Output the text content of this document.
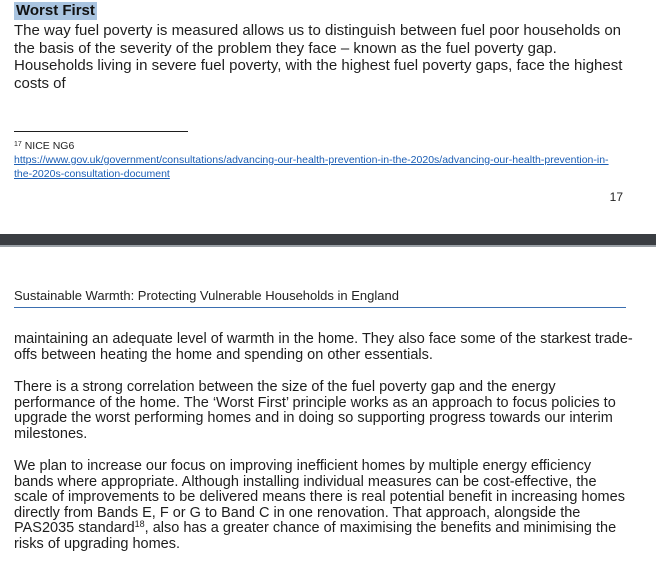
Worst First
The way fuel poverty is measured allows us to distinguish between fuel poor households on the basis of the severity of the problem they face – known as the fuel poverty gap. Households living in severe fuel poverty, with the highest fuel poverty gaps, face the highest costs of
$^{17}$ NICE NG6
https://www.gov.uk/government/consultations/advancing-our-health-prevention-in-the-2020s/advancing-our-health-prevention-in-the-2020s-consultation-document
17
Sustainable Warmth: Protecting Vulnerable Households in England

maintaining an adequate level of warmth in the home. They also face some of the starkest trade-offs between heating the home and spending on other essentials.

There is a strong correlation between the size of the fuel poverty gap and the energy performance of the home. The ‘Worst First’ principle works as an approach to focus policies to upgrade the worst performing homes and in doing so supporting progress towards our interim milestones.

We plan to increase our focus on improving inefficient homes by multiple energy efficiency bands where appropriate. Although installing individual measures can be cost-effective, the scale of improvements to be delivered means there is real potential benefit in increasing homes directly from Bands E, F or G to Band C in one renovation. That approach, alongside the PAS2035 standard$^{18}$, also has a greater chance of maximising the benefits and minimising the risks of upgrading homes.
